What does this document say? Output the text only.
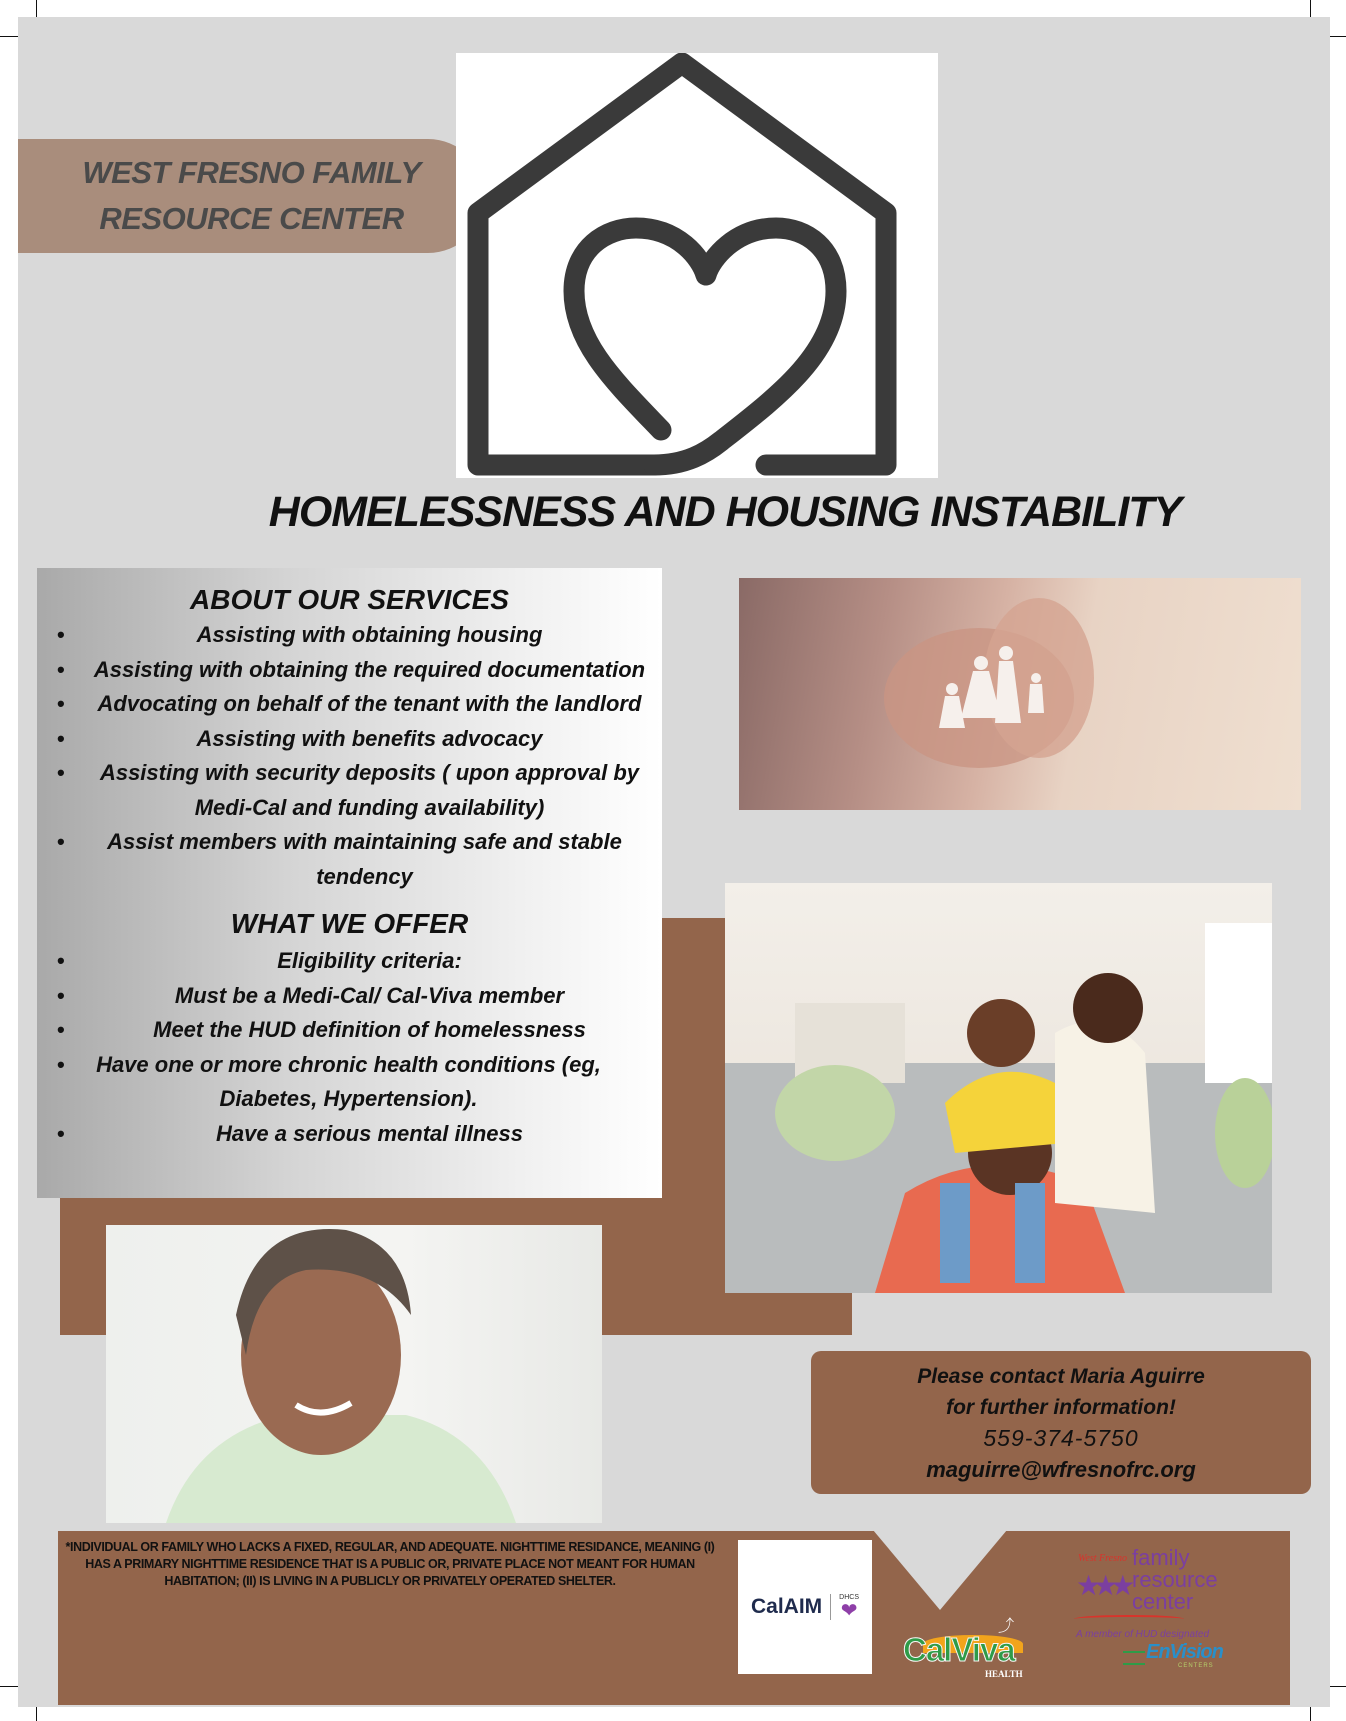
WEST FRESNO FAMILY
RESOURCE CENTER
HOMELESSNESS AND HOUSING INSTABILITY
ABOUT OUR SERVICES
• Assisting with obtaining housing
• Assisting with obtaining the required documentation
• Advocating on behalf of the tenant with the landlord
• Assisting with benefits advocacy
• Assisting with security deposits ( upon approval by Medi-Cal and funding availability)
• Assist members with maintaining safe and stable tendency
WHAT WE OFFER
• Eligibility criteria:
• Must be a Medi-Cal/ Cal-Viva member
• Meet the HUD definition of homelessness
• Have one or more chronic health conditions (eg, Diabetes, Hypertension).
• Have a serious mental illness
Please contact Maria Aguirre
for further information!
559-374-5750
maguirre@wfresnofrc.org
*INDIVIDUAL OR FAMILY WHO LACKS A FIXED, REGULAR, AND ADEQUATE. NIGHTTIME RESIDANCE, MEANING (I) HAS A PRIMARY NIGHTTIME RESIDENCE THAT IS A PUBLIC OR, PRIVATE PLACE NOT MEANT FOR HUMAN HABITATION; (II) IS LIVING IN A PUBLICLY OR PRIVATELY OPERATED SHELTER.
CalAIM DHCS
❤
⤴
CalViva
HEALTH
West Fresno
★★★
family
resource
center
A member of HUD designated
EnVision
CENTERS
